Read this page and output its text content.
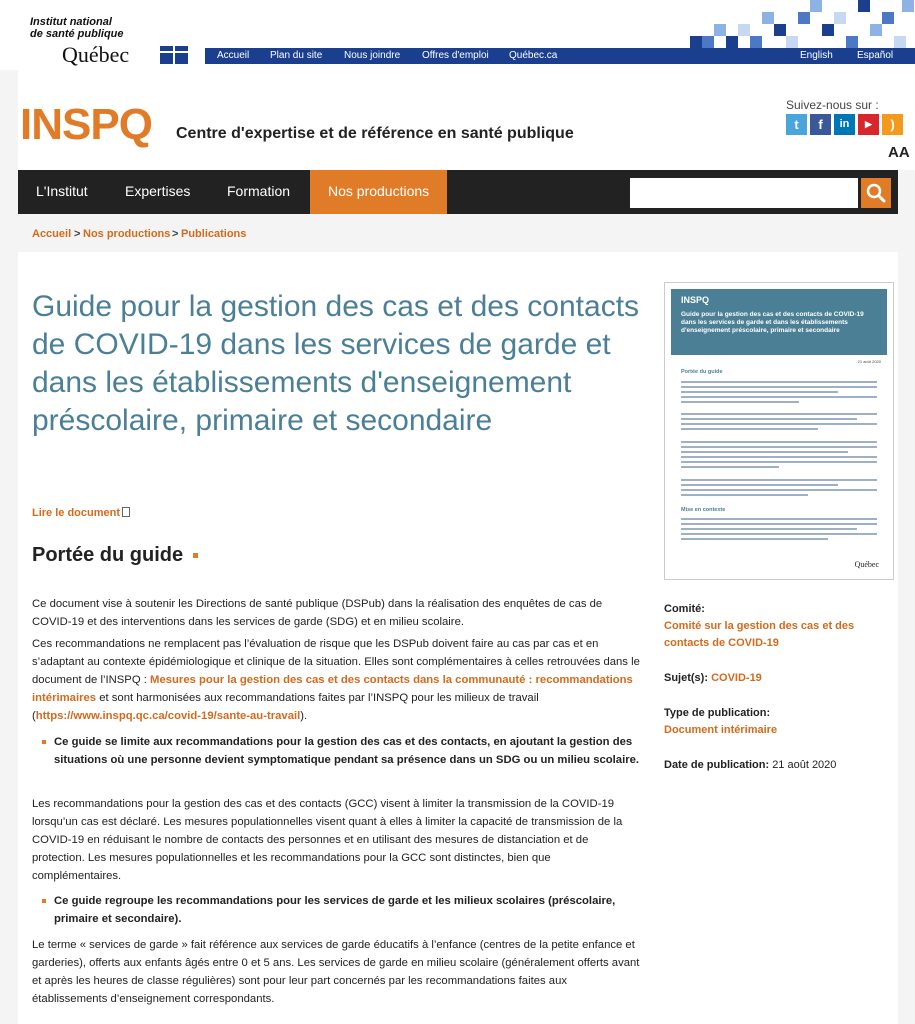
Institut national
de santé publique
Québec	Accueil Plan du site Nous joindre Offres d'emploi Québec.ca	English Español
INSPQ Centre d'expertise et de référence en santé publique
Suivez-nous sur :
t	f	in	▶	)
AA
L'Institut	Expertises	Formation	Nos productions
Accueil > Nos productions > Publications
Guide pour la gestion des cas et des contacts de COVID-19 dans les services de garde et dans les établissements d'enseignement préscolaire, primaire et secondaire
Lire le document
Portée du guide

Ce document vise à soutenir les Directions de santé publique (DSPub) dans la réalisation des enquêtes de cas de COVID-19 et des interventions dans les services de garde (SDG) et en milieu scolaire.

Ces recommandations ne remplacent pas l’évaluation de risque que les DSPub doivent faire au cas par cas et en s’adaptant au contexte épidémiologique et clinique de la situation. Elles sont complémentaires à celles retrouvées dans le document de l’INSPQ : Mesures pour la gestion des cas et des contacts dans la communauté : recommandations intérimaires et sont harmonisées aux recommandations faites par l’INSPQ pour les milieux de travail (https://www.inspq.qc.ca/covid-19/sante-au-travail).

Ce guide se limite aux recommandations pour la gestion des cas et des contacts, en ajoutant la gestion des situations où une personne devient symptomatique pendant sa présence dans un SDG ou un milieu scolaire.

Les recommandations pour la gestion des cas et des contacts (GCC) visent à limiter la transmission de la COVID-19 lorsqu’un cas est déclaré. Les mesures populationnelles visent quant à elles à limiter la capacité de transmission de la COVID-19 en réduisant le nombre de contacts des personnes et en utilisant des mesures de distanciation et de protection. Les mesures populationnelles et les recommandations pour la GCC sont distinctes, bien que complémentaires.

Ce guide regroupe les recommandations pour les services de garde et les milieux scolaires (préscolaire, primaire et secondaire).

Le terme « services de garde » fait référence aux services de garde éducatifs à l’enfance (centres de la petite enfance et garderies), offerts aux enfants âgés entre 0 et 5 ans. Les services de garde en milieu scolaire (généralement offerts avant et après les heures de classe régulières) sont pour leur part concernés par les recommandations faites aux établissements d’enseignement correspondants.

INSPQ
Guide pour la gestion des cas et des contacts de COVID-19 dans les services de garde et dans les établissements d'enseignement préscolaire, primaire et secondaire
21 août 2020
Portée du guide
Mise en contexte
Québec
Comité:
Comité sur la gestion des cas et des contacts de COVID-19
Sujet(s): COVID-19
Type de publication:
Document intérimaire
Date de publication: 21 août 2020
